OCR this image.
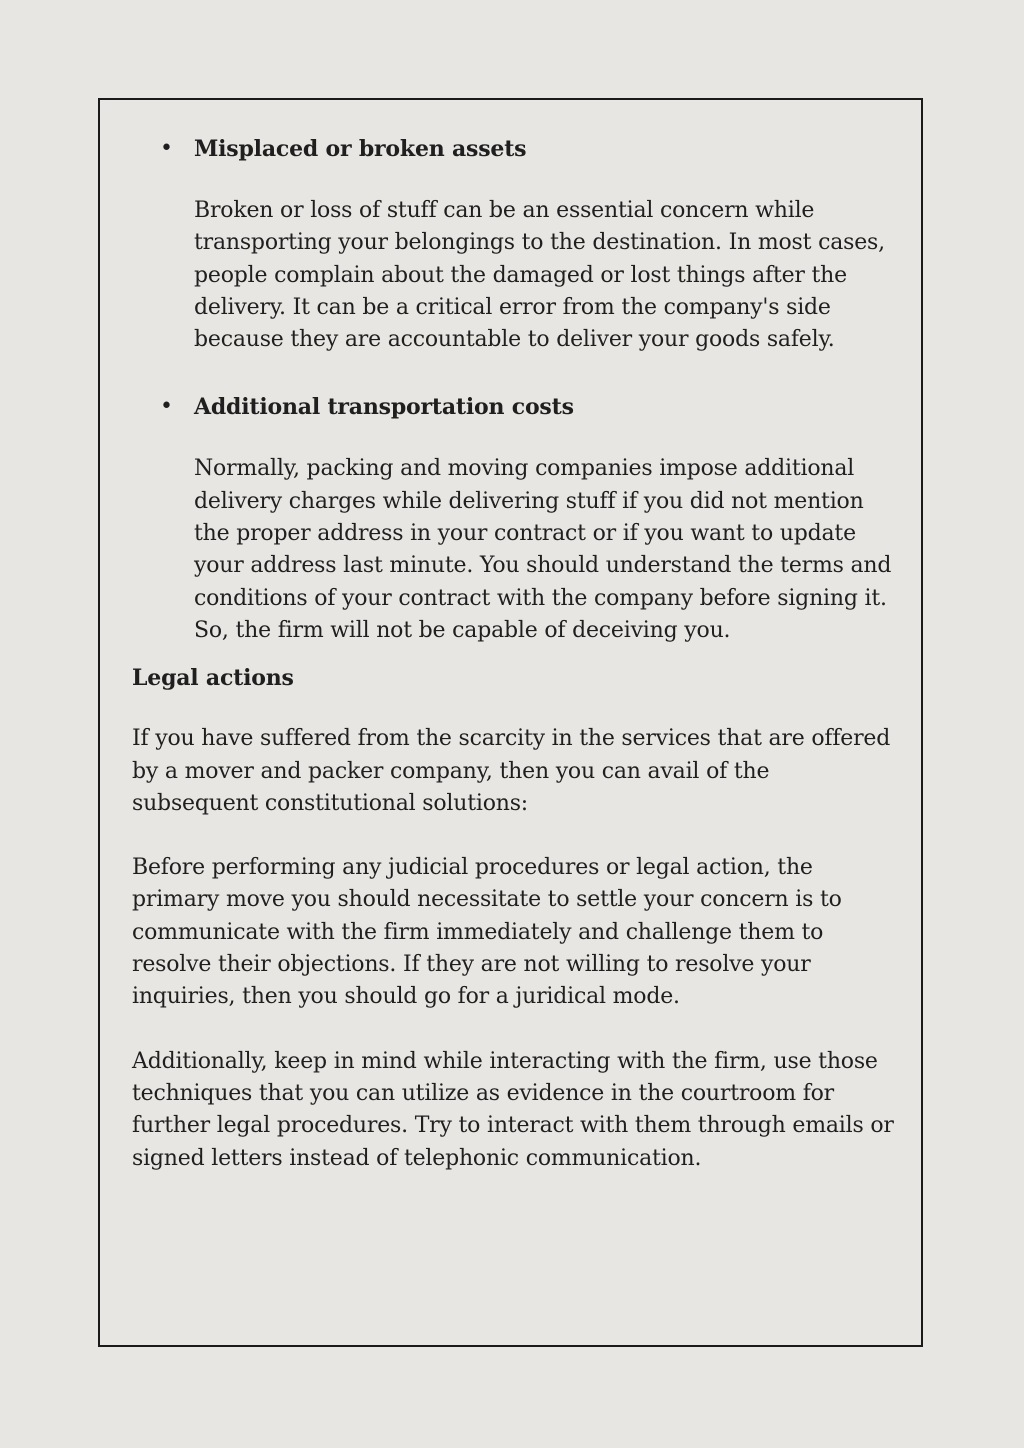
• Misplaced or broken assets

Broken or loss of stuff can be an essential concern while transporting your belongings to the destination. In most cases, people complain about the damaged or lost things after the delivery. It can be a critical error from the company's side because they are accountable to deliver your goods safely.

• Additional transportation costs

Normally, packing and moving companies impose additional delivery charges while delivering stuff if you did not mention the proper address in your contract or if you want to update your address last minute. You should understand the terms and conditions of your contract with the company before signing it. So, the firm will not be capable of deceiving you.

Legal actions

If you have suffered from the scarcity in the services that are offered by a mover and packer company, then you can avail of the subsequent constitutional solutions:

Before performing any judicial procedures or legal action, the primary move you should necessitate to settle your concern is to communicate with the firm immediately and challenge them to resolve their objections. If they are not willing to resolve your inquiries, then you should go for a juridical mode.

Additionally, keep in mind while interacting with the firm, use those techniques that you can utilize as evidence in the courtroom for further legal procedures. Try to interact with them through emails or signed letters instead of telephonic communication.
